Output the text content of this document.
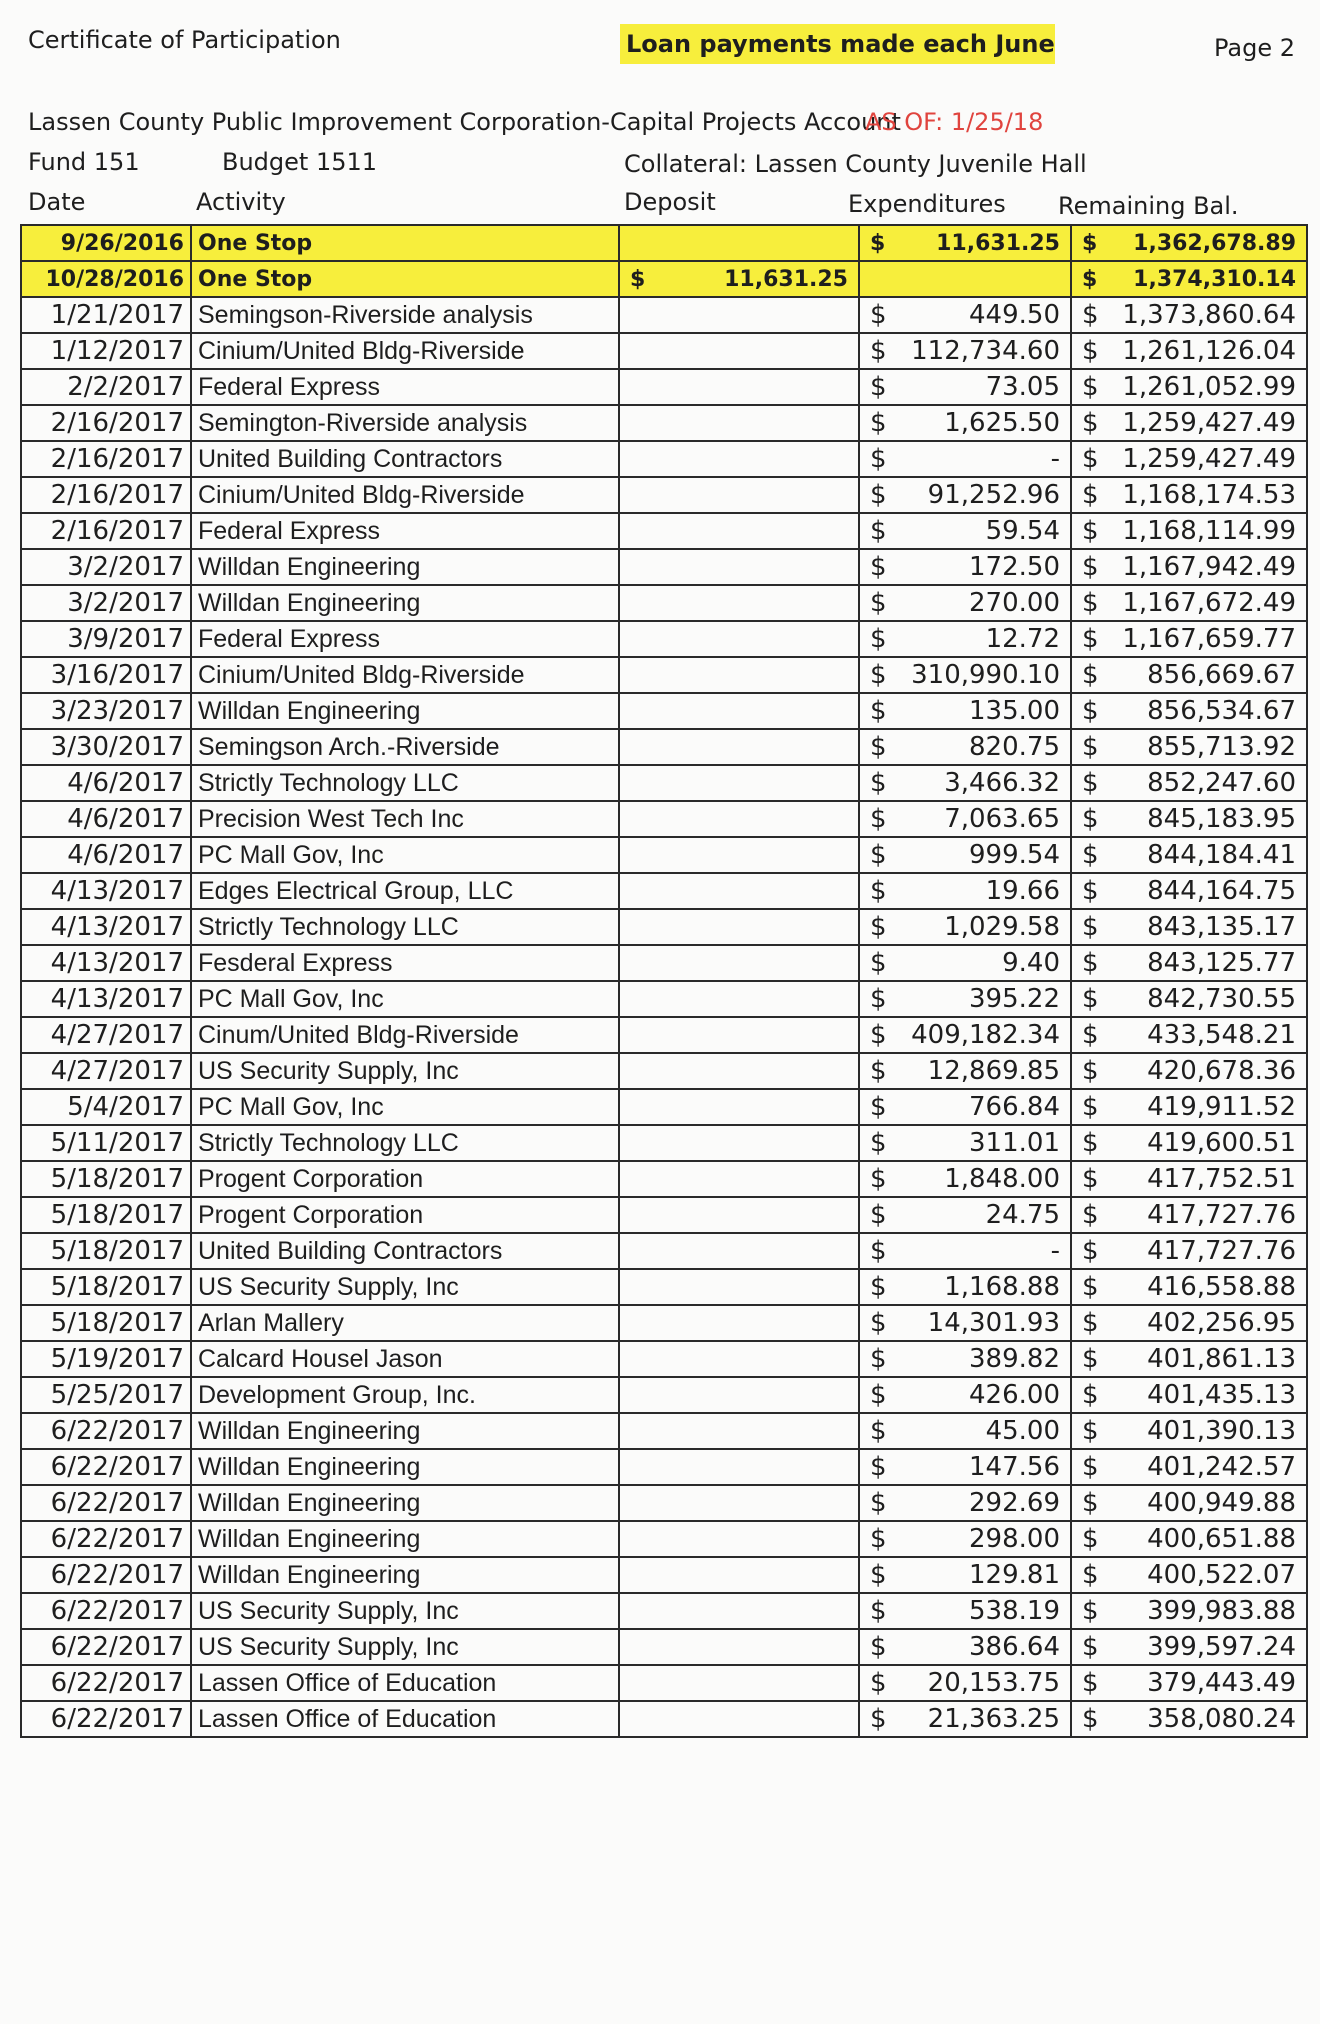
Certificate of Participation	Loan payments made each June	Page 2
Lassen County Public Improvement Corporation-Capital Projects Account
AS OF: 1/25/18
Fund 151	Budget 1511	Collateral: Lassen County Juvenile Hall
Date	Activity	Deposit	Expenditures Remaining Bal.
9/26/2016	One Stop		$ 11,631.25	$ 1,362,678.89

10/28/2016	One Stop	$ 11,631.25		$ 1,374,310.14

1/21/2017	Semingson-Riverside analysis		$ 449.50	$ 1,373,860.64

1/12/2017	Cinium/United Bldg-Riverside		$ 112,734.60	$ 1,261,126.04

2/2/2017	Federal Express		$ 73.05	$ 1,261,052.99

2/16/2017	Semington-Riverside analysis		$ 1,625.50	$ 1,259,427.49

2/16/2017	United Building Contractors		$ -	$ 1,259,427.49

2/16/2017	Cinium/United Bldg-Riverside		$ 91,252.96	$ 1,168,174.53

2/16/2017	Federal Express		$ 59.54	$ 1,168,114.99

3/2/2017	Willdan Engineering		$ 172.50	$ 1,167,942.49

3/2/2017	Willdan Engineering		$ 270.00	$ 1,167,672.49

3/9/2017	Federal Express		$ 12.72	$ 1,167,659.77

3/16/2017	Cinium/United Bldg-Riverside		$ 310,990.10	$ 856,669.67

3/23/2017	Willdan Engineering		$ 135.00	$ 856,534.67

3/30/2017	Semingson Arch.-Riverside		$ 820.75	$ 855,713.92

4/6/2017	Strictly Technology LLC		$ 3,466.32	$ 852,247.60

4/6/2017	Precision West Tech Inc		$ 7,063.65	$ 845,183.95

4/6/2017	PC Mall Gov, Inc		$ 999.54	$ 844,184.41

4/13/2017	Edges Electrical Group, LLC		$ 19.66	$ 844,164.75

4/13/2017	Strictly Technology LLC		$ 1,029.58	$ 843,135.17

4/13/2017	Fesderal Express		$ 9.40	$ 843,125.77

4/13/2017	PC Mall Gov, Inc		$ 395.22	$ 842,730.55

4/27/2017	Cinum/United Bldg-Riverside		$ 409,182.34	$ 433,548.21

4/27/2017	US Security Supply, Inc		$ 12,869.85	$ 420,678.36

5/4/2017	PC Mall Gov, Inc		$ 766.84	$ 419,911.52

5/11/2017	Strictly Technology LLC		$ 311.01	$ 419,600.51

5/18/2017	Progent Corporation		$ 1,848.00	$ 417,752.51

5/18/2017	Progent Corporation		$ 24.75	$ 417,727.76

5/18/2017	United Building Contractors		$ -	$ 417,727.76

5/18/2017	US Security Supply, Inc		$ 1,168.88	$ 416,558.88

5/18/2017	Arlan Mallery		$ 14,301.93	$ 402,256.95

5/19/2017	Calcard Housel Jason		$ 389.82	$ 401,861.13

5/25/2017	Development Group, Inc.		$ 426.00	$ 401,435.13

6/22/2017	Willdan Engineering		$ 45.00	$ 401,390.13

6/22/2017	Willdan Engineering		$ 147.56	$ 401,242.57

6/22/2017	Willdan Engineering		$ 292.69	$ 400,949.88

6/22/2017	Willdan Engineering		$ 298.00	$ 400,651.88

6/22/2017	Willdan Engineering		$ 129.81	$ 400,522.07

6/22/2017	US Security Supply, Inc		$ 538.19	$ 399,983.88

6/22/2017	US Security Supply, Inc		$ 386.64	$ 399,597.24

6/22/2017	Lassen Office of Education		$ 20,153.75	$ 379,443.49

6/22/2017	Lassen Office of Education		$ 21,363.25	$ 358,080.24
